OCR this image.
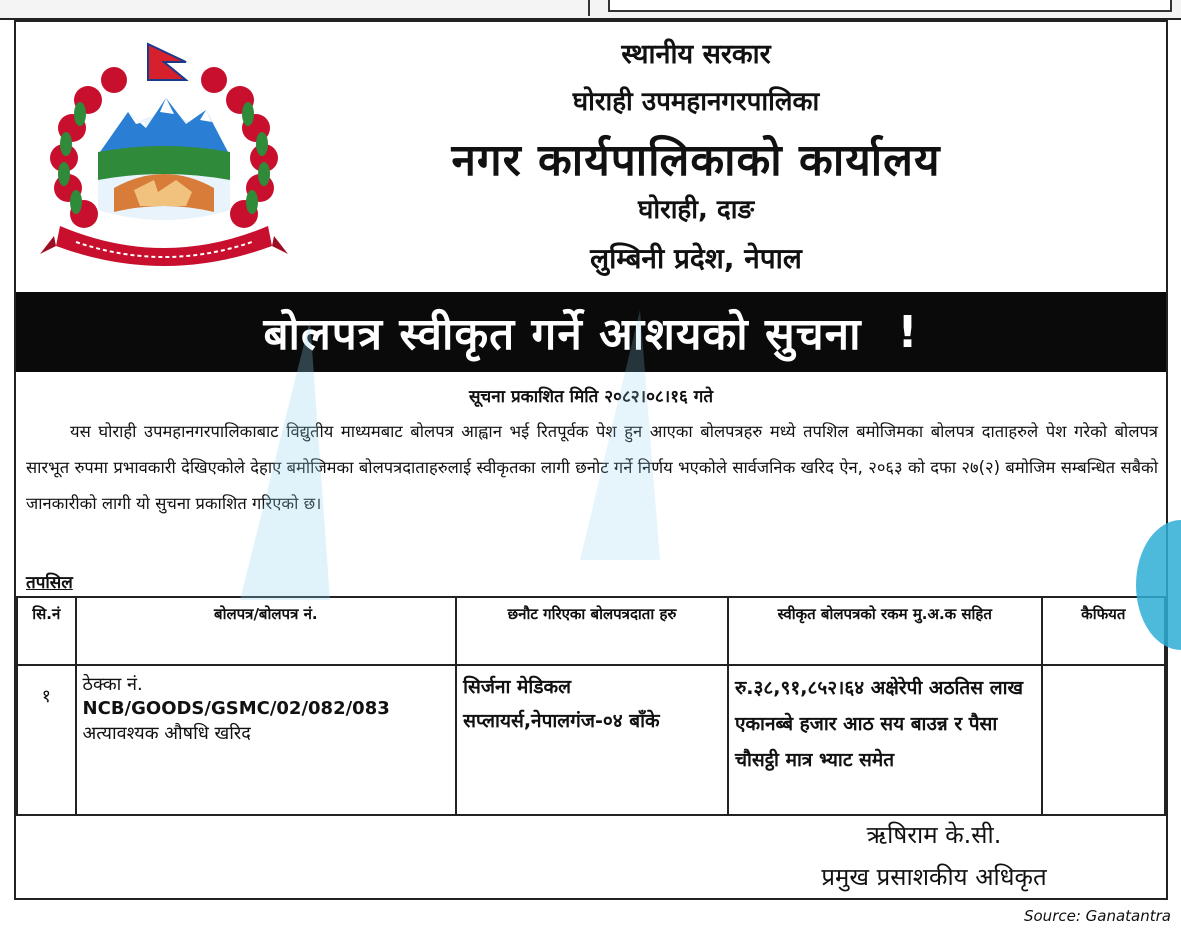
स्थानीय सरकार
घोराही उपमहानगरपालिका
नगर कार्यपालिकाको कार्यालय
घोराही, दाङ
लुम्बिनी प्रदेश, नेपाल
बोलपत्र स्वीकृत गर्ने आशयको सुचना !
सूचना प्रकाशित मिति २०८२।०८।१६ गते

यस घोराही उपमहानगरपालिकाबाट विद्युतीय माध्यमबाट बोलपत्र आह्वान भई रितपूर्वक पेश हुन आएका बोलपत्रहरु मध्ये तपशिल बमोजिमका बोलपत्र दाताहरुले पेश गरेको बोलपत्र सारभूत रुपमा प्रभावकारी देखिएकोले देहाए बमोजिमका बोलपत्रदाताहरुलाई स्वीकृतका लागी छनोट गर्ने निर्णय भएकोले सार्वजनिक खरिद ऐन, २०६३ को दफा २७(२) बमोजिम सम्बन्धित सबैको जानकारीको लागी यो सुचना प्रकाशित गरिएको छ।

तपसिल
सि.नं	बोलपत्र/बोलपत्र नं.	छनौट गरिएका बोलपत्रदाता हरु	स्वीकृत बोलपत्रको रकम मु.अ.क सहित	कैफियत

१	ठेक्का नं.
NCB/GOODS/GSMC/02/082/083
अत्यावश्यक औषधि खरिद	सिर्जना मेडिकल सप्लायर्स,नेपालगंज-०४ बाँके	रु.३८,९१,८५२।६४ अक्षेरेपी अठतिस लाख एकानब्बे हजार आठ सय बाउन्न र पैसा चौसट्ठी मात्र भ्याट समेत	

ऋषिराम के.सी.
प्रमुख प्रसाशकीय अधिकृत
Source: Ganatantra
